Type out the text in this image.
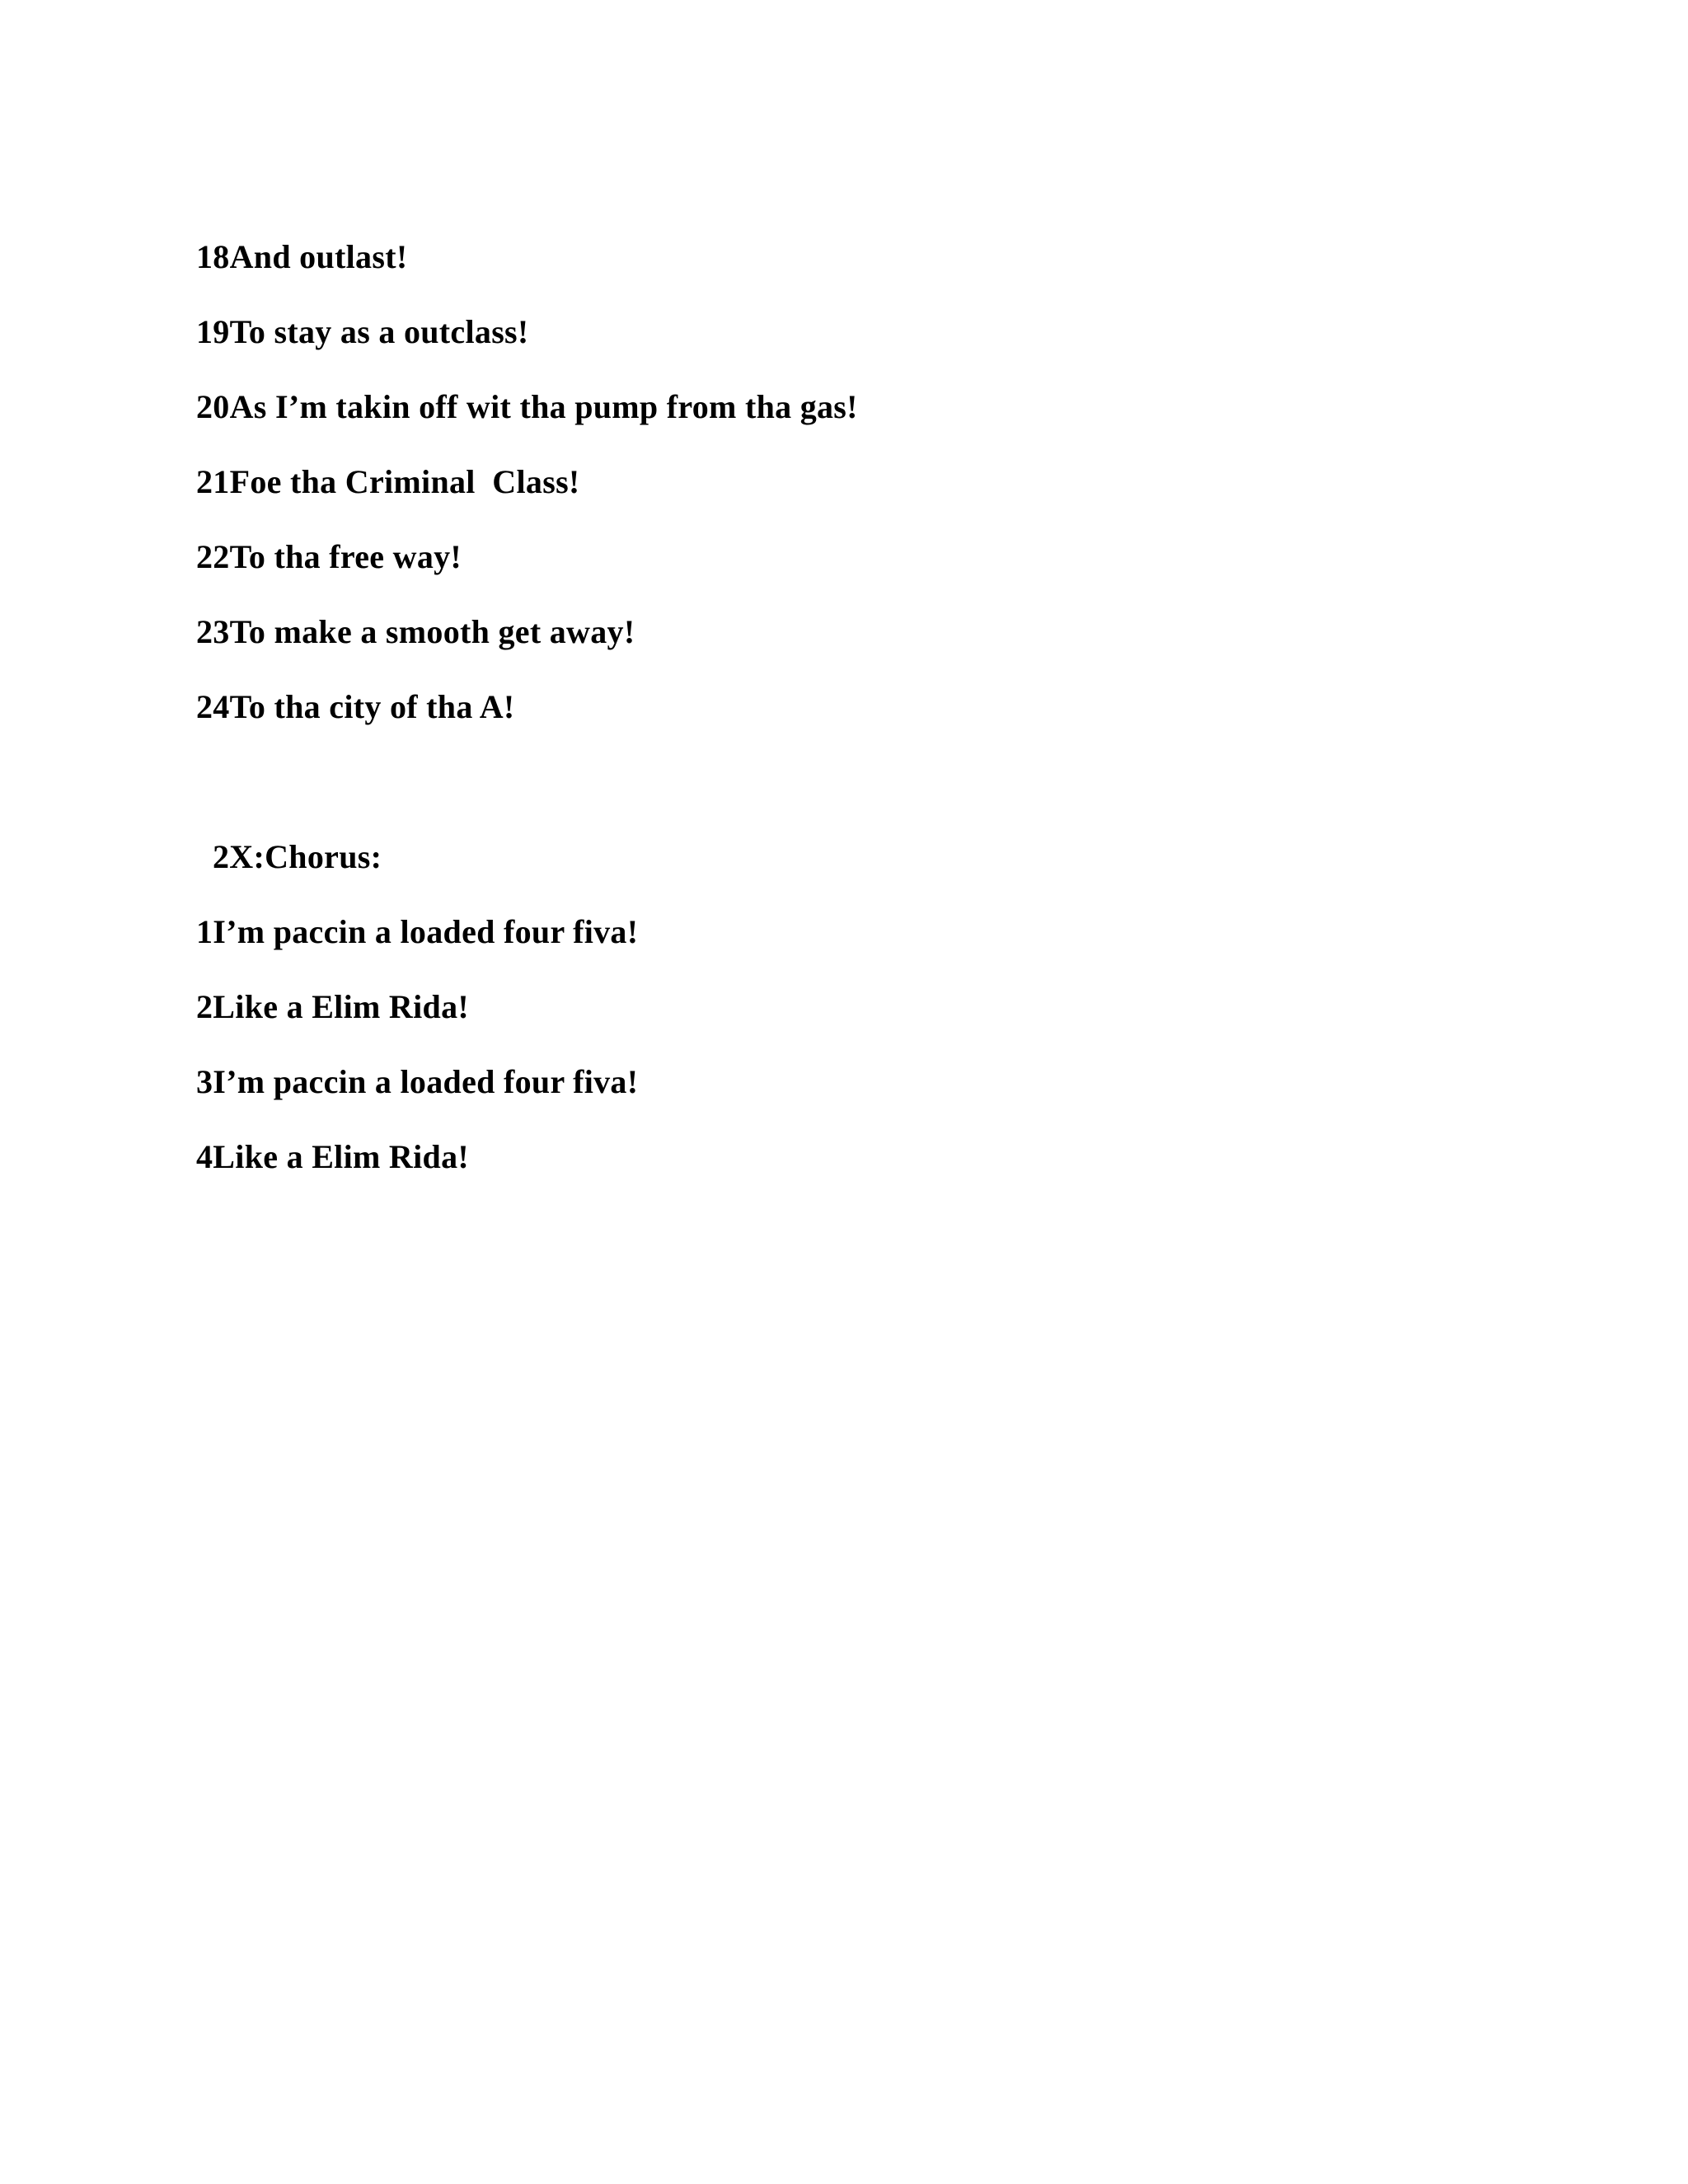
18And outlast!

19To stay as a outclass!

20As I’m takin off wit tha pump from tha gas!

21Foe tha Criminal  Class!

22To tha free way!

23To make a smooth get away!

24To tha city of tha A!

2X:Chorus:

1I’m paccin a loaded four fiva!

2Like a Elim Rida!

3I’m paccin a loaded four fiva!

4Like a Elim Rida!
